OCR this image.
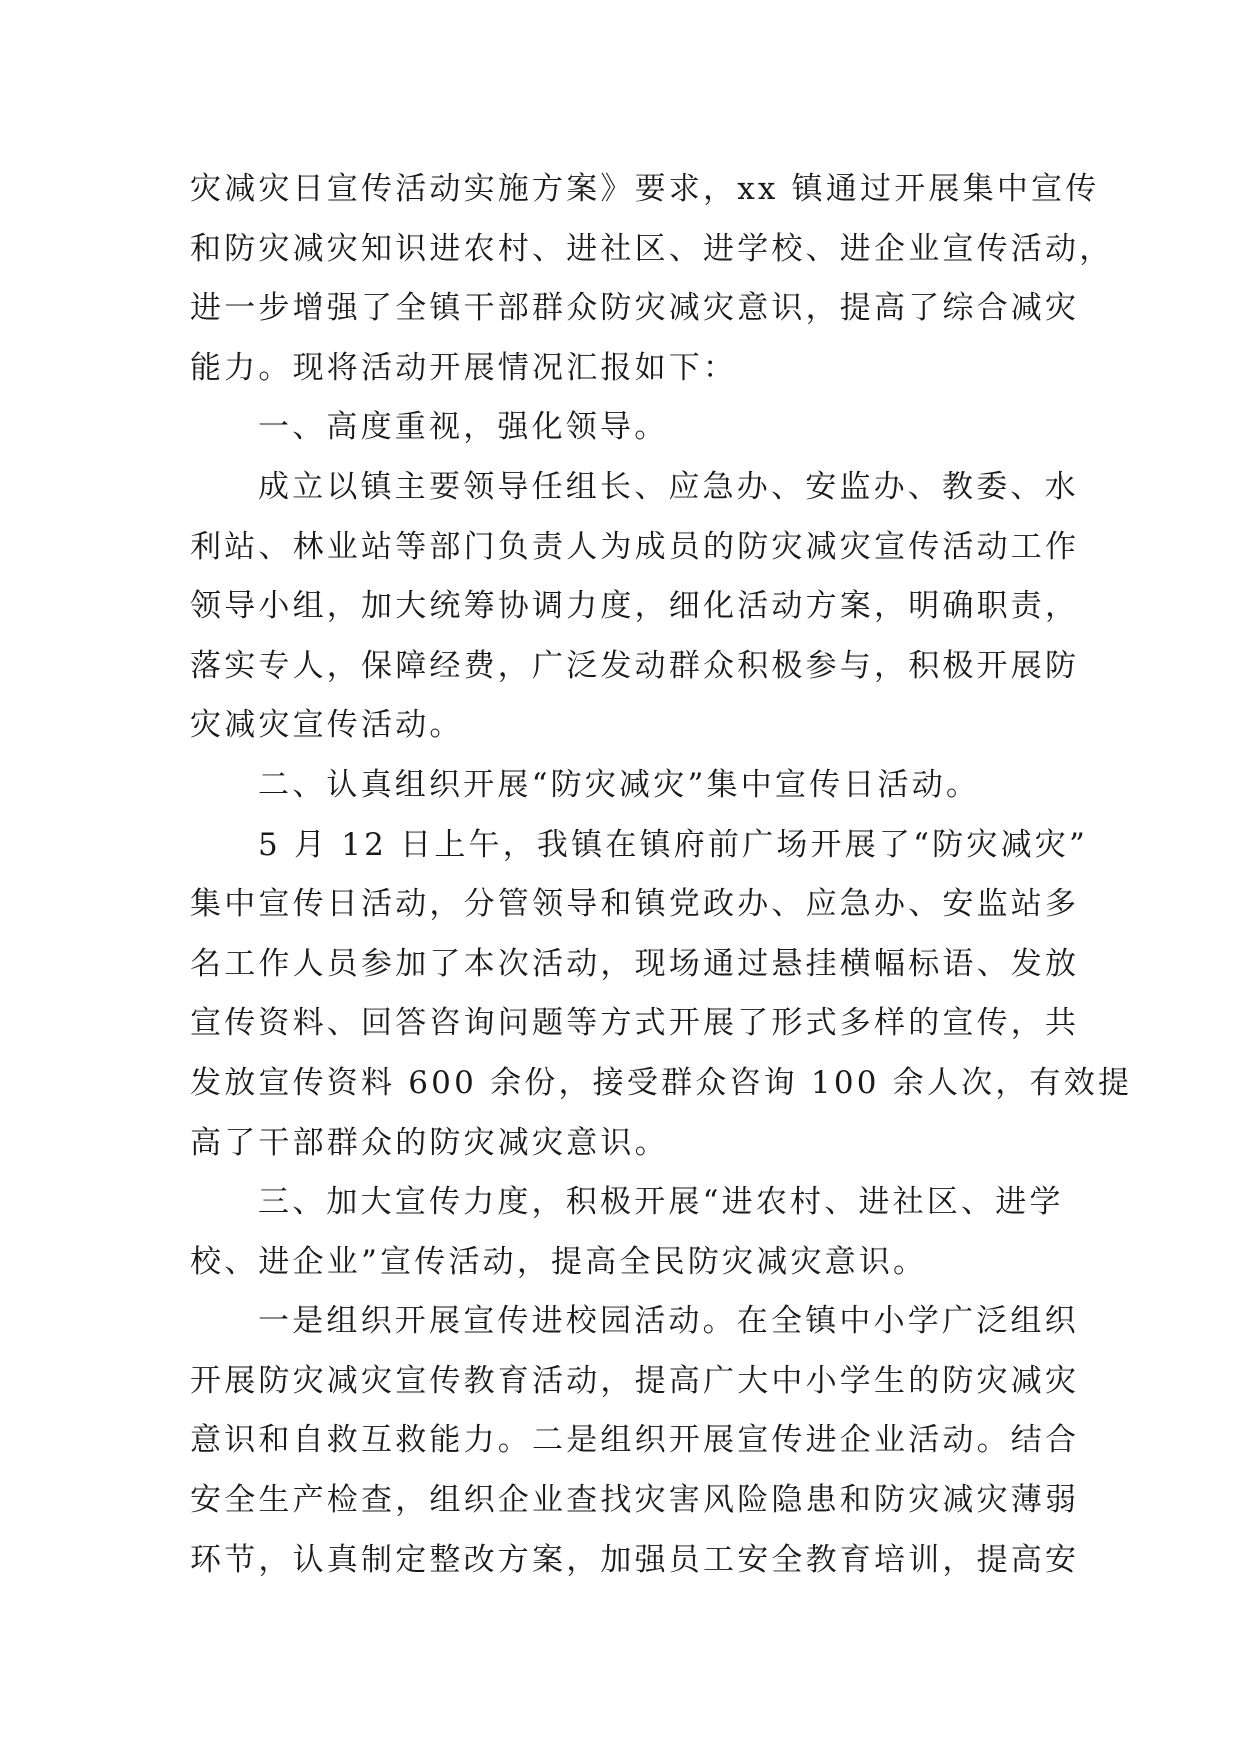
灾减灾日宣传活动实施方案》要求，xx 镇通过开展集中宣传
和防灾减灾知识进农村、进社区、进学校、进企业宣传活动，
进一步增强了全镇干部群众防灾减灾意识，提高了综合减灾
能力。现将活动开展情况汇报如下：
一、高度重视，强化领导。
成立以镇主要领导任组长、应急办、安监办、教委、水
利站、林业站等部门负责人为成员的防灾减灾宣传活动工作
领导小组，加大统筹协调力度，细化活动方案，明确职责，
落实专人，保障经费，广泛发动群众积极参与，积极开展防
灾减灾宣传活动。
二、认真组织开展“防灾减灾”集中宣传日活动。
5 月 12 日上午，我镇在镇府前广场开展了“防灾减灾”
集中宣传日活动，分管领导和镇党政办、应急办、安监站多
名工作人员参加了本次活动，现场通过悬挂横幅标语、发放
宣传资料、回答咨询问题等方式开展了形式多样的宣传，共
发放宣传资料 600 余份，接受群众咨询 100 余人次，有效提
高了干部群众的防灾减灾意识。
三、加大宣传力度，积极开展“进农村、进社区、进学
校、进企业”宣传活动，提高全民防灾减灾意识。
一是组织开展宣传进校园活动。在全镇中小学广泛组织
开展防灾减灾宣传教育活动，提高广大中小学生的防灾减灾
意识和自救互救能力。二是组织开展宣传进企业活动。结合
安全生产检查，组织企业查找灾害风险隐患和防灾减灾薄弱
环节，认真制定整改方案，加强员工安全教育培训，提高安
